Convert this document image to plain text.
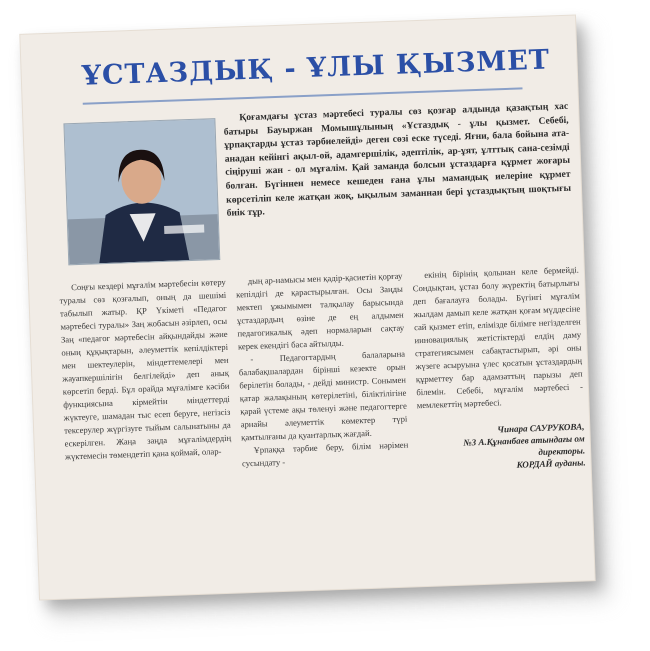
ҰСТАЗДЫҚ - ҰЛЫ ҚЫЗМЕТ
Қоғамдағы ұстаз мәртебесі туралы сөз қозғар алдында қазақтың хас батыры Бауыржан Момышұлының «Ұстаздық - ұлы қызмет. Себебі, ұрпақтарды ұстаз тәрбиелейді» деген сөзі еске түседі. Яғни, бала бойына ата-анадан кейінгі ақыл-ой, адамгершілік, әдептілік, ар-ұят, ұлттық сана-сезімді сіңіруші жан - ол мұғалім. Қай заманда болсын ұстаздарға құрмет жоғары болған. Бүгіннен немесе кешеден ғана ұлы мамандық иелеріне құрмет көрсетіліп келе жатқан жоқ, ықылым заманнан бері ұстаздықтың шоқтығы биік тұр.

Соңғы кездері мұғалім мәртебесін көтеру туралы сөз қозғалып, оның да шешімі табылып жатыр. ҚР Үкіметі «Педагог мәртебесі туралы» Заң жобасын әзірлеп, осы Заң «педагог мәртебесін айқындайды және оның құқықтарын, әлеуметтік кепілдіктері мен шектеулерін, міндеттемелері мен жауапкершілігін белгілейді» деп анық көрсетіп берді. Бұл орайда мұғалімге кәсіби функциясына кірмейтін міндеттерді жүктеуге, шамадан тыс есеп беруге, негізсіз тексерулер жүргізуге тыйым салынатыны да ескерілген. Жаңа заңда мұғалімдердің жүктемесін төмендетіп қана қоймай, олар-

дың ар-намысы мен қадір-қасиетін қорғау кепілдігі де қарастырылған. Осы Заңды мектеп ұжымымен талқылау барысында ұстаздардың өзіне де ең алдымен педагогикалық әдеп нормаларын сақтау керек екендігі баса айтылды.

- Педагогтардың балаларына балабақшалардан бірінші кезекте орын берілетін болады, - дейді министр. Сонымен қатар жалақының көтерілетіні, біліктілігіне қарай үстеме ақы төленуі және педагогтерге арнайы әлеуметтік көмектер түрі қамтылғаны да қуантарлық жағдай.

Ұрпаққа тәрбие беру, білім нәрімен сусындату -

екінің бірінің қолынан келе бермейді. Сондықтан, ұстаз болу жүректің батырлығы деп бағалауға болады. Бүгінгі мұғалім жылдам дамып келе жатқан қоғам мүддесіне сай қызмет етіп, елімізде білімге негізделген инновациялық жетістіктерді елдің даму стратегиясымен сабақтастырып, әрі оны жүзеге асыруына үлес қосатын ұстаздардың құрметтеу бар адамзаттың парызы деп білемін. Себебі, мұғалім мәртебесі - мемлекеттің мәртебесі.

Чинара САУРУКОВА,
№3 А.Құнанбаев атындағы ом директоры.
КОРДАЙ ауданы.
